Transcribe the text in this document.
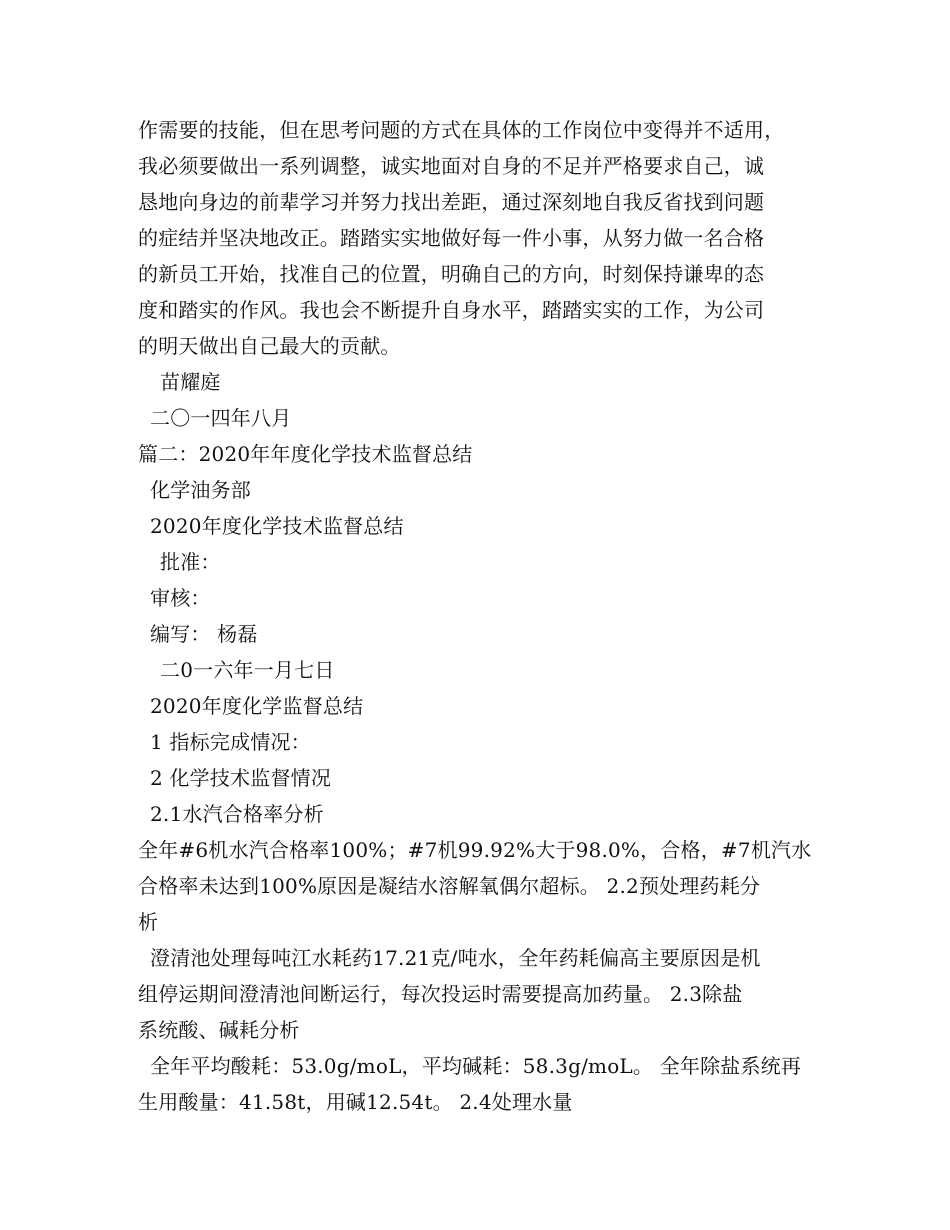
作需要的技能，但在思考问题的方式在具体的工作岗位中变得并不适用，
我必须要做出一系列调整，诚实地面对自身的不足并严格要求自己，诚
恳地向身边的前辈学习并努力找出差距，通过深刻地自我反省找到问题
的症结并坚决地改正。踏踏实实地做好每一件小事，从努力做一名合格
的新员工开始，找准自己的位置，明确自己的方向，时刻保持谦卑的态
度和踏实的作风。我也会不断提升自身水平，踏踏实实的工作，为公司
的明天做出自己最大的贡献。
苗耀庭
二〇一四年八月
篇二：2020年年度化学技术监督总结
化学油务部
2020年度化学技术监督总结
批准：
审核：
编写： 杨磊
二0一六年一月七日
2020年度化学监督总结
1 指标完成情况：
2 化学技术监督情况
2.1水汽合格率分析
全年#6机水汽合格率100%；#7机99.92%大于98.0%，合格，#7机汽水
合格率未达到100%原因是凝结水溶解氧偶尔超标。 2.2预处理药耗分
析
澄清池处理每吨江水耗药17.21克/吨水，全年药耗偏高主要原因是机
组停运期间澄清池间断运行，每次投运时需要提高加药量。 2.3除盐
系统酸、碱耗分析
全年平均酸耗：53.0g/moL，平均碱耗：58.3g/moL。 全年除盐系统再
生用酸量：41.58t，用碱12.54t。 2.4处理水量
